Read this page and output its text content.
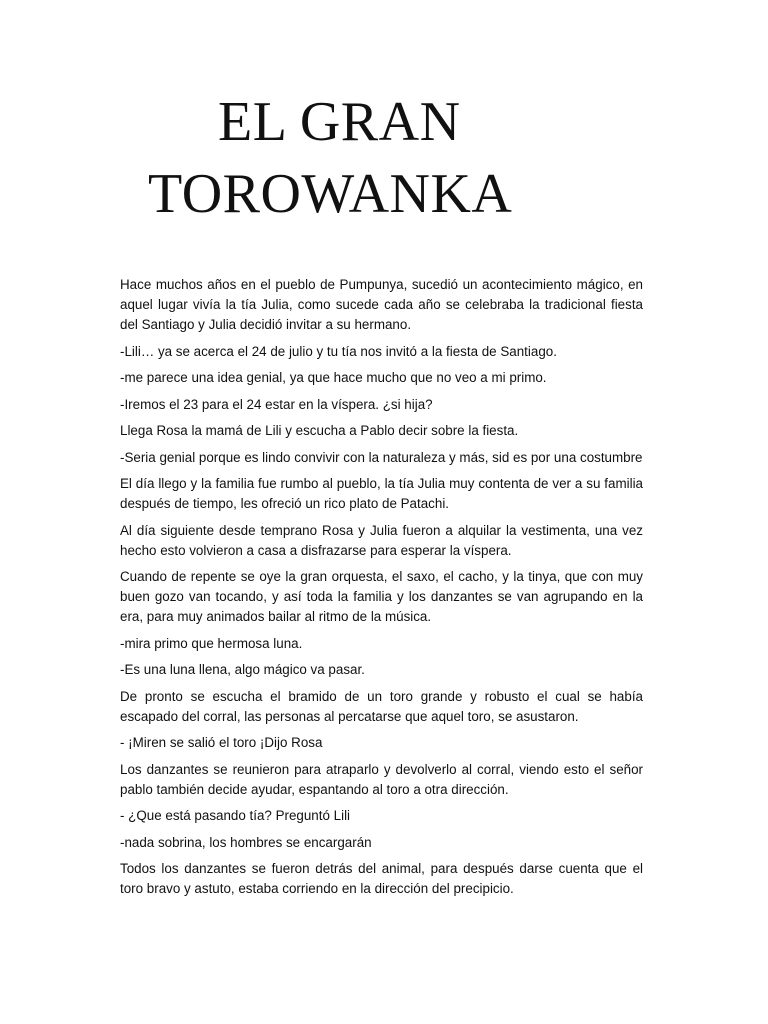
EL GRAN
TOROWANKA

Hace muchos años en el pueblo de Pumpunya, sucedió un acontecimiento mágico, en aquel lugar vivía la tía Julia, como sucede cada año se celebraba la tradicional fiesta del Santiago y Julia decidió invitar a su hermano.

-Lili… ya se acerca el 24 de julio y tu tía nos invitó a la fiesta de Santiago.

-me parece una idea genial, ya que hace mucho que no veo a mi primo.

-Iremos el 23 para el 24 estar en la víspera. ¿si hija?

Llega Rosa la mamá de Lili y escucha a Pablo decir sobre la fiesta.

-Seria genial porque es lindo convivir con la naturaleza y más, sid es por una costumbre

El día llego y la familia fue rumbo al pueblo, la tía Julia muy contenta de ver a su familia después de tiempo, les ofreció un rico plato de Patachi.

Al día siguiente desde temprano Rosa y Julia fueron a alquilar la vestimenta, una vez hecho esto volvieron a casa a disfrazarse para esperar la víspera.

Cuando de repente se oye la gran orquesta, el saxo, el cacho, y la tinya, que con muy buen gozo van tocando, y así toda la familia y los danzantes se van agrupando en la era, para muy animados bailar al ritmo de la música.

-mira primo que hermosa luna.

-Es una luna llena, algo mágico va pasar.

De pronto se escucha el bramido de un toro grande y robusto el cual se había escapado del corral, las personas al percatarse que aquel toro, se asustaron.

- ¡Miren se salió el toro ¡Dijo Rosa

Los danzantes se reunieron para atraparlo y devolverlo al corral, viendo esto el señor pablo también decide ayudar, espantando al toro a otra dirección.

- ¿Que está pasando tía? Preguntó Lili

-nada sobrina, los hombres se encargarán

Todos los danzantes se fueron detrás del animal, para después darse cuenta que el toro bravo y astuto, estaba corriendo en la dirección del precipicio.
